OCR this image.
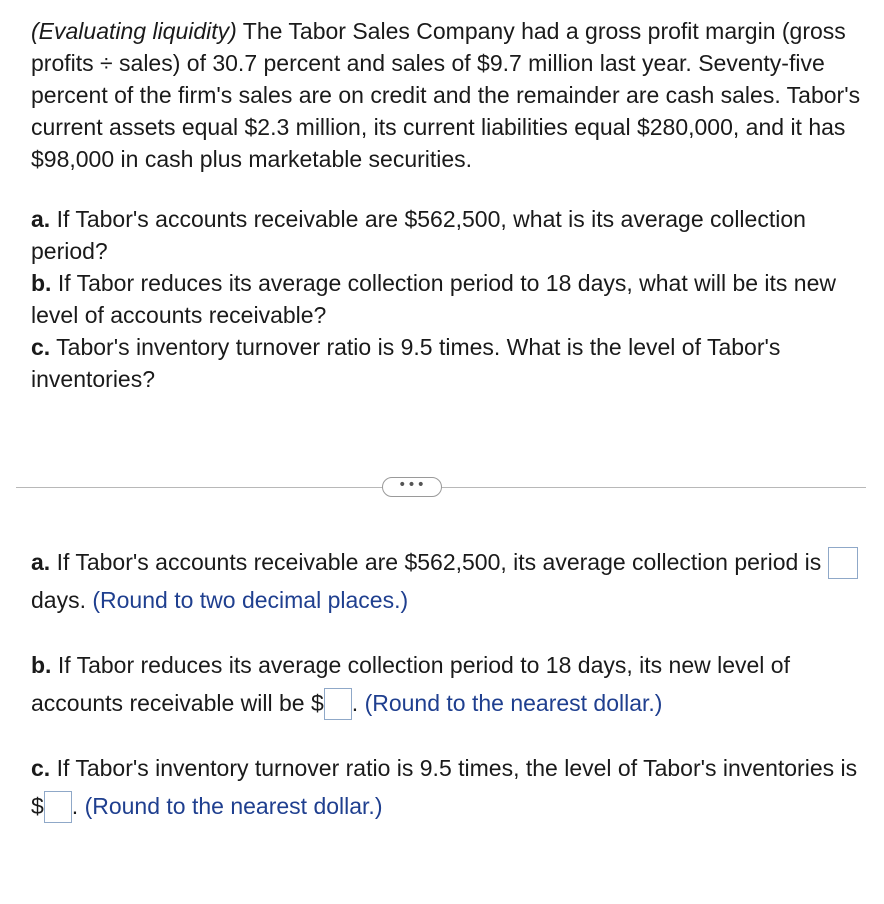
(Evaluating liquidity) The Tabor Sales Company had a gross profit margin (gross profits ÷ sales) of 30.7 percent and sales of $9.7 million last year. Seventy-five percent of the firm's sales are on credit and the remainder are cash sales. Tabor's current assets equal $2.3 million, its current liabilities equal $280,000, and it has $98,000 in cash plus marketable securities.

a. If Tabor's accounts receivable are $562,500, what is its average collection period?

b. If Tabor reduces its average collection period to 18 days, what will be its new level of accounts receivable?

c. Tabor's inventory turnover ratio is 9.5 times. What is the level of Tabor's inventories?

•••

a. If Tabor's accounts receivable are $562,500, its average collection period is  days. (Round to two decimal places.)

b. If Tabor reduces its average collection period to 18 days, its new level of accounts receivable will be $ . (Round to the nearest dollar.)

c. If Tabor's inventory turnover ratio is 9.5 times, the level of Tabor's inventories is $ . (Round to the nearest dollar.)
